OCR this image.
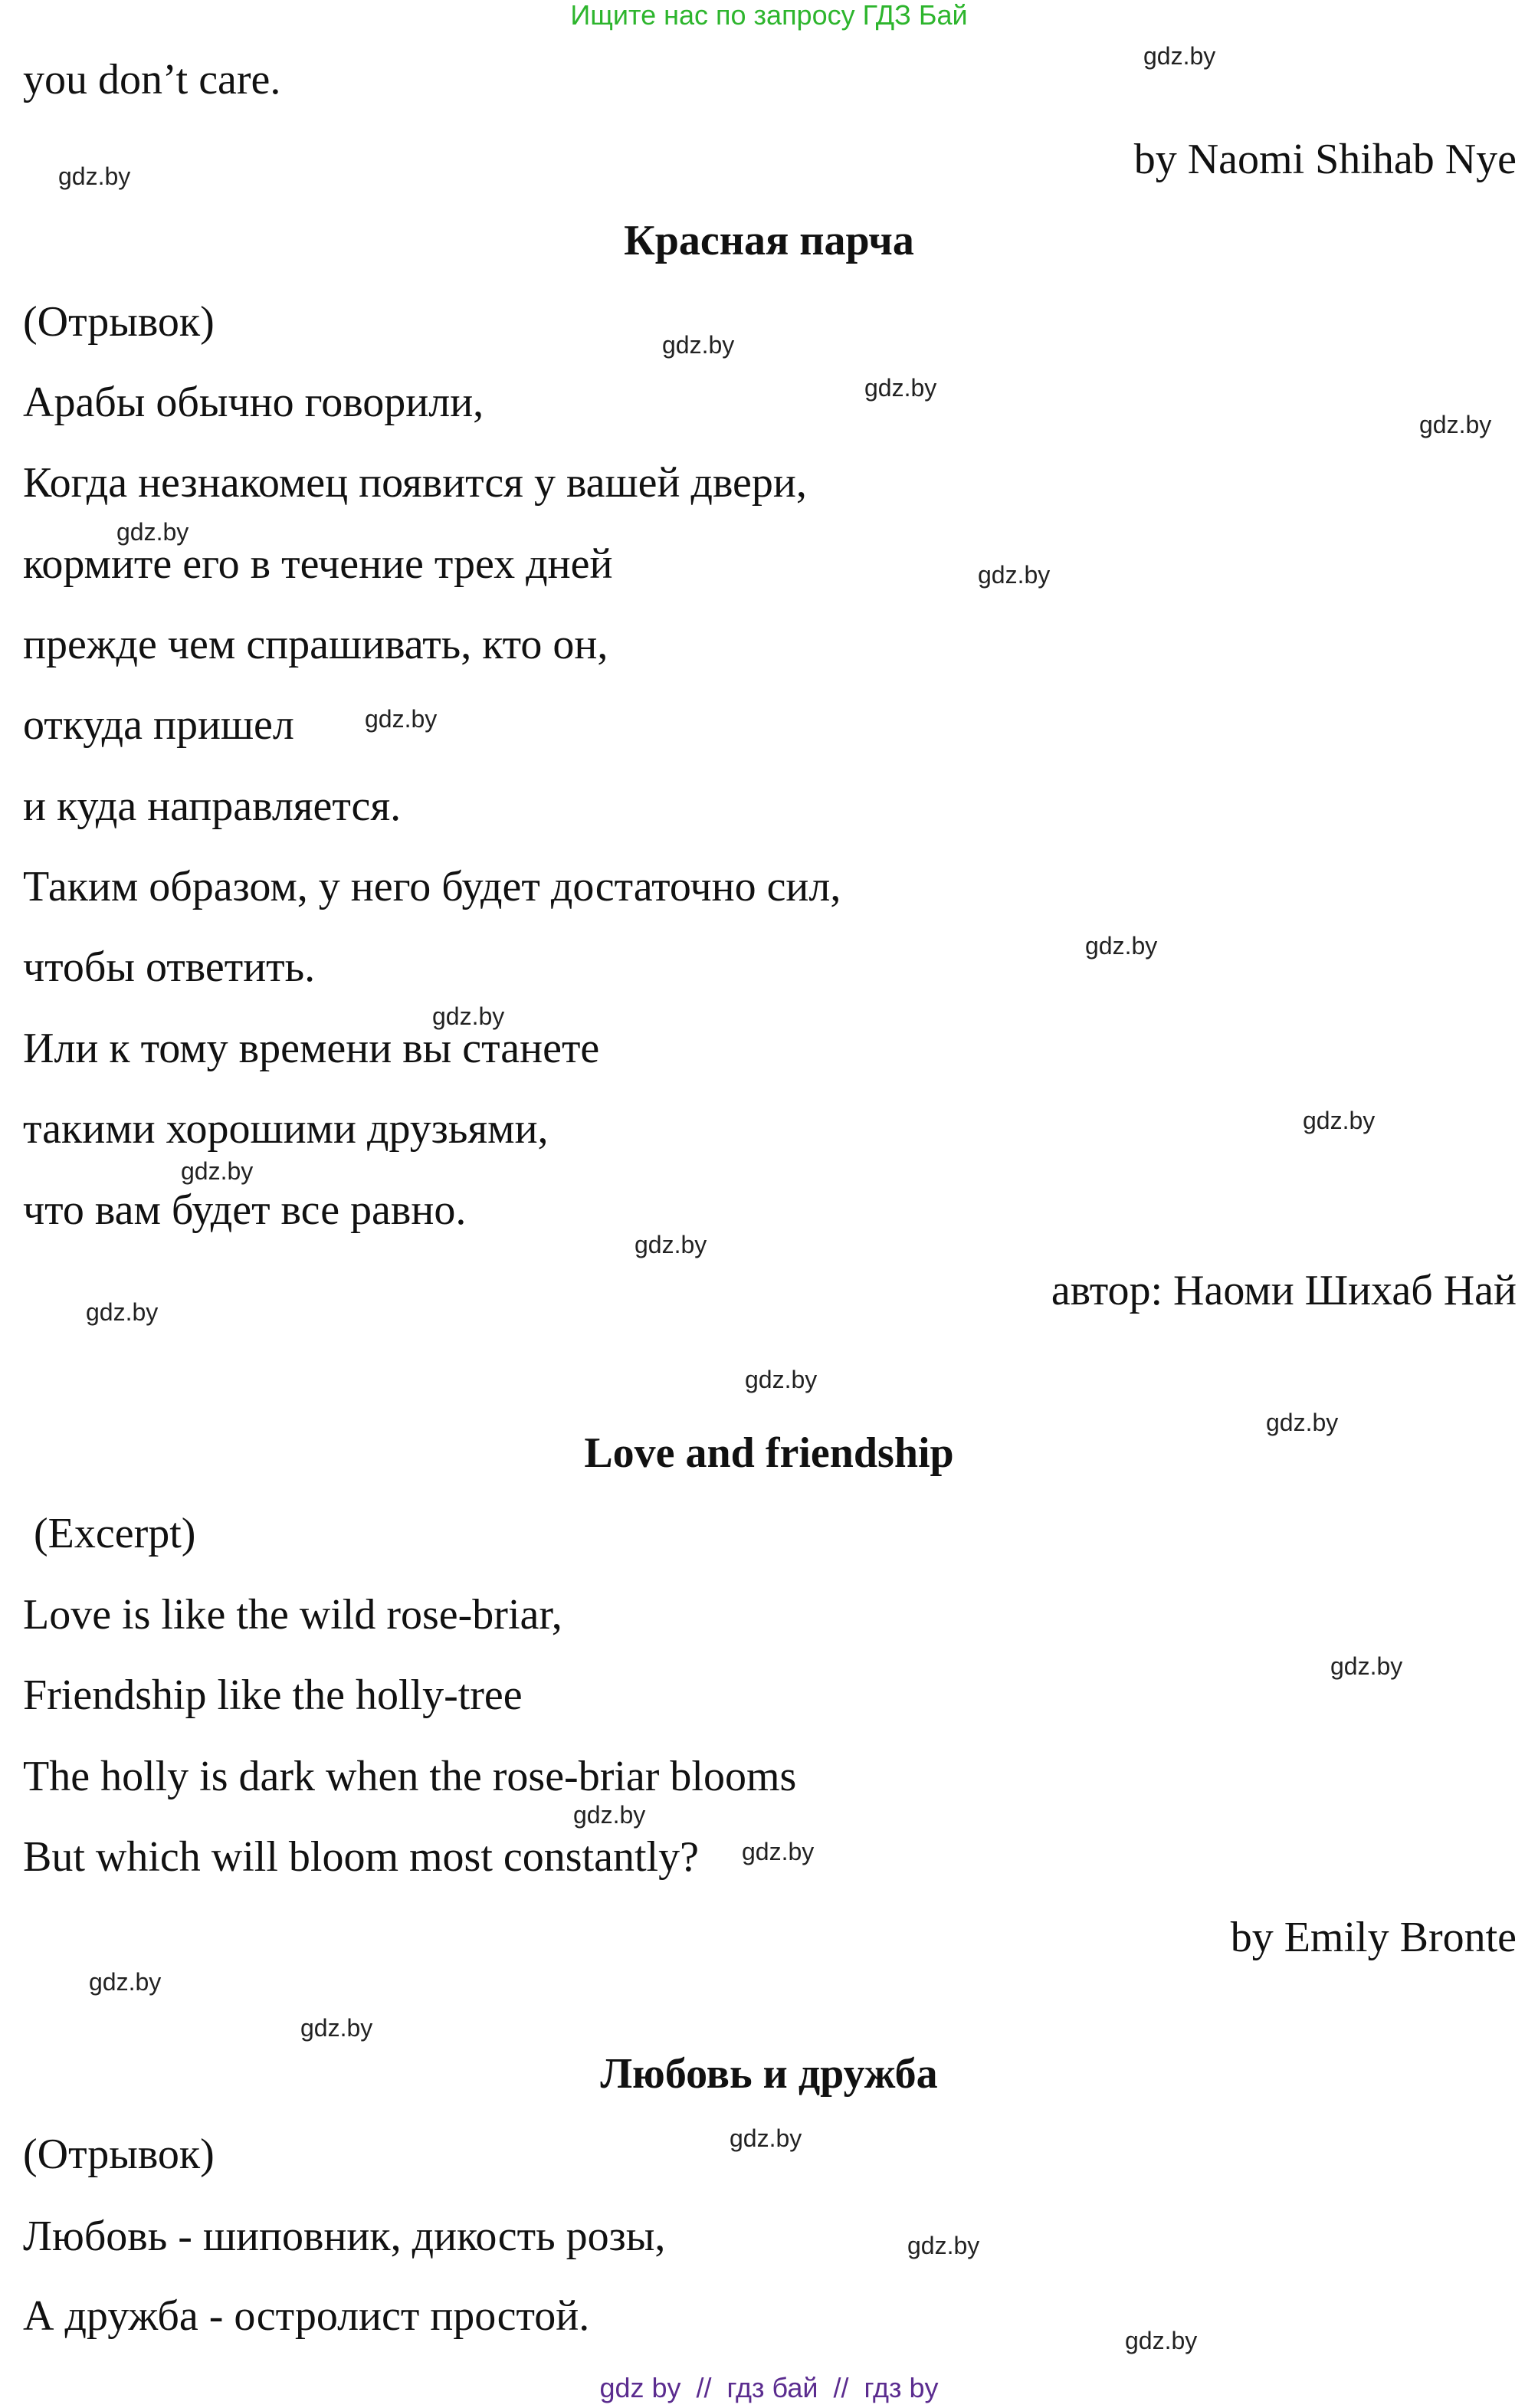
Ищите нас по запросу ГДЗ Бай
you don’t care.
by Naomi Shihab Nye
Красная парча
(Отрывок)
Арабы обычно говорили,
Когда незнакомец появится у вашей двери,
кормите его в течение трех дней
прежде чем спрашивать, кто он,
откуда пришел
и куда направляется.
Таким образом, у него будет достаточно сил,
чтобы ответить.
Или к тому времени вы станете
такими хорошими друзьями,
что вам будет все равно.
автор: Наоми Шихаб Най
Love and friendship
(Excerpt)
Love is like the wild rose-briar,
Friendship like the holly-tree
The holly is dark when the rose-briar blooms
But which will bloom most constantly?
by Emily Bronte
Любовь и дружба
(Отрывок)
Любовь - шиповник, дикость розы,
А дружба - остролист простой.
gdz.by
gdz.by
gdz.by
gdz.by
gdz.by
gdz.by
gdz.by
gdz.by
gdz.by
gdz.by
gdz.by
gdz.by
gdz.by
gdz.by
gdz.by
gdz.by
gdz.by
gdz.by
gdz.by
gdz.by
gdz.by
gdz.by
gdz.by
gdz.by
gdz by  //  гдз бай  //  гдз by
